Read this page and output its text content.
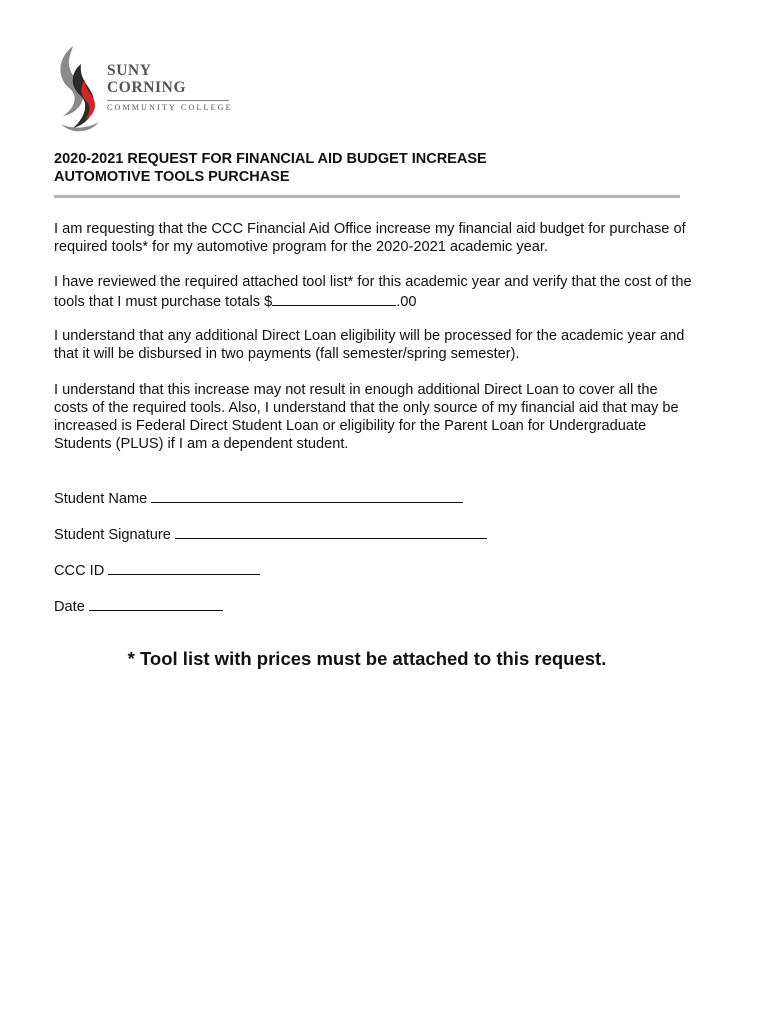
SUNY
CORNING
COMMUNITY COLLEGE
2020-2021 REQUEST FOR FINANCIAL AID BUDGET INCREASE
AUTOMOTIVE TOOLS PURCHASE
I am requesting that the CCC Financial Aid Office increase my financial aid budget for purchase of required tools* for my automotive program for the 2020-2021 academic year.
I have reviewed the required attached tool list* for this academic year and verify that the cost of the tools that I must purchase totals $	.00
I understand that any additional Direct Loan eligibility will be processed for the academic year and that it will be disbursed in two payments (fall semester/spring semester).
I understand that this increase may not result in enough additional Direct Loan to cover all the costs of the required tools. Also, I understand that the only source of my financial aid that may be increased is Federal Direct Student Loan or eligibility for the Parent Loan for Undergraduate Students (PLUS) if I am a dependent student.
Student Name
Student Signature
CCC ID
Date
* Tool list with prices must be attached to this request.
